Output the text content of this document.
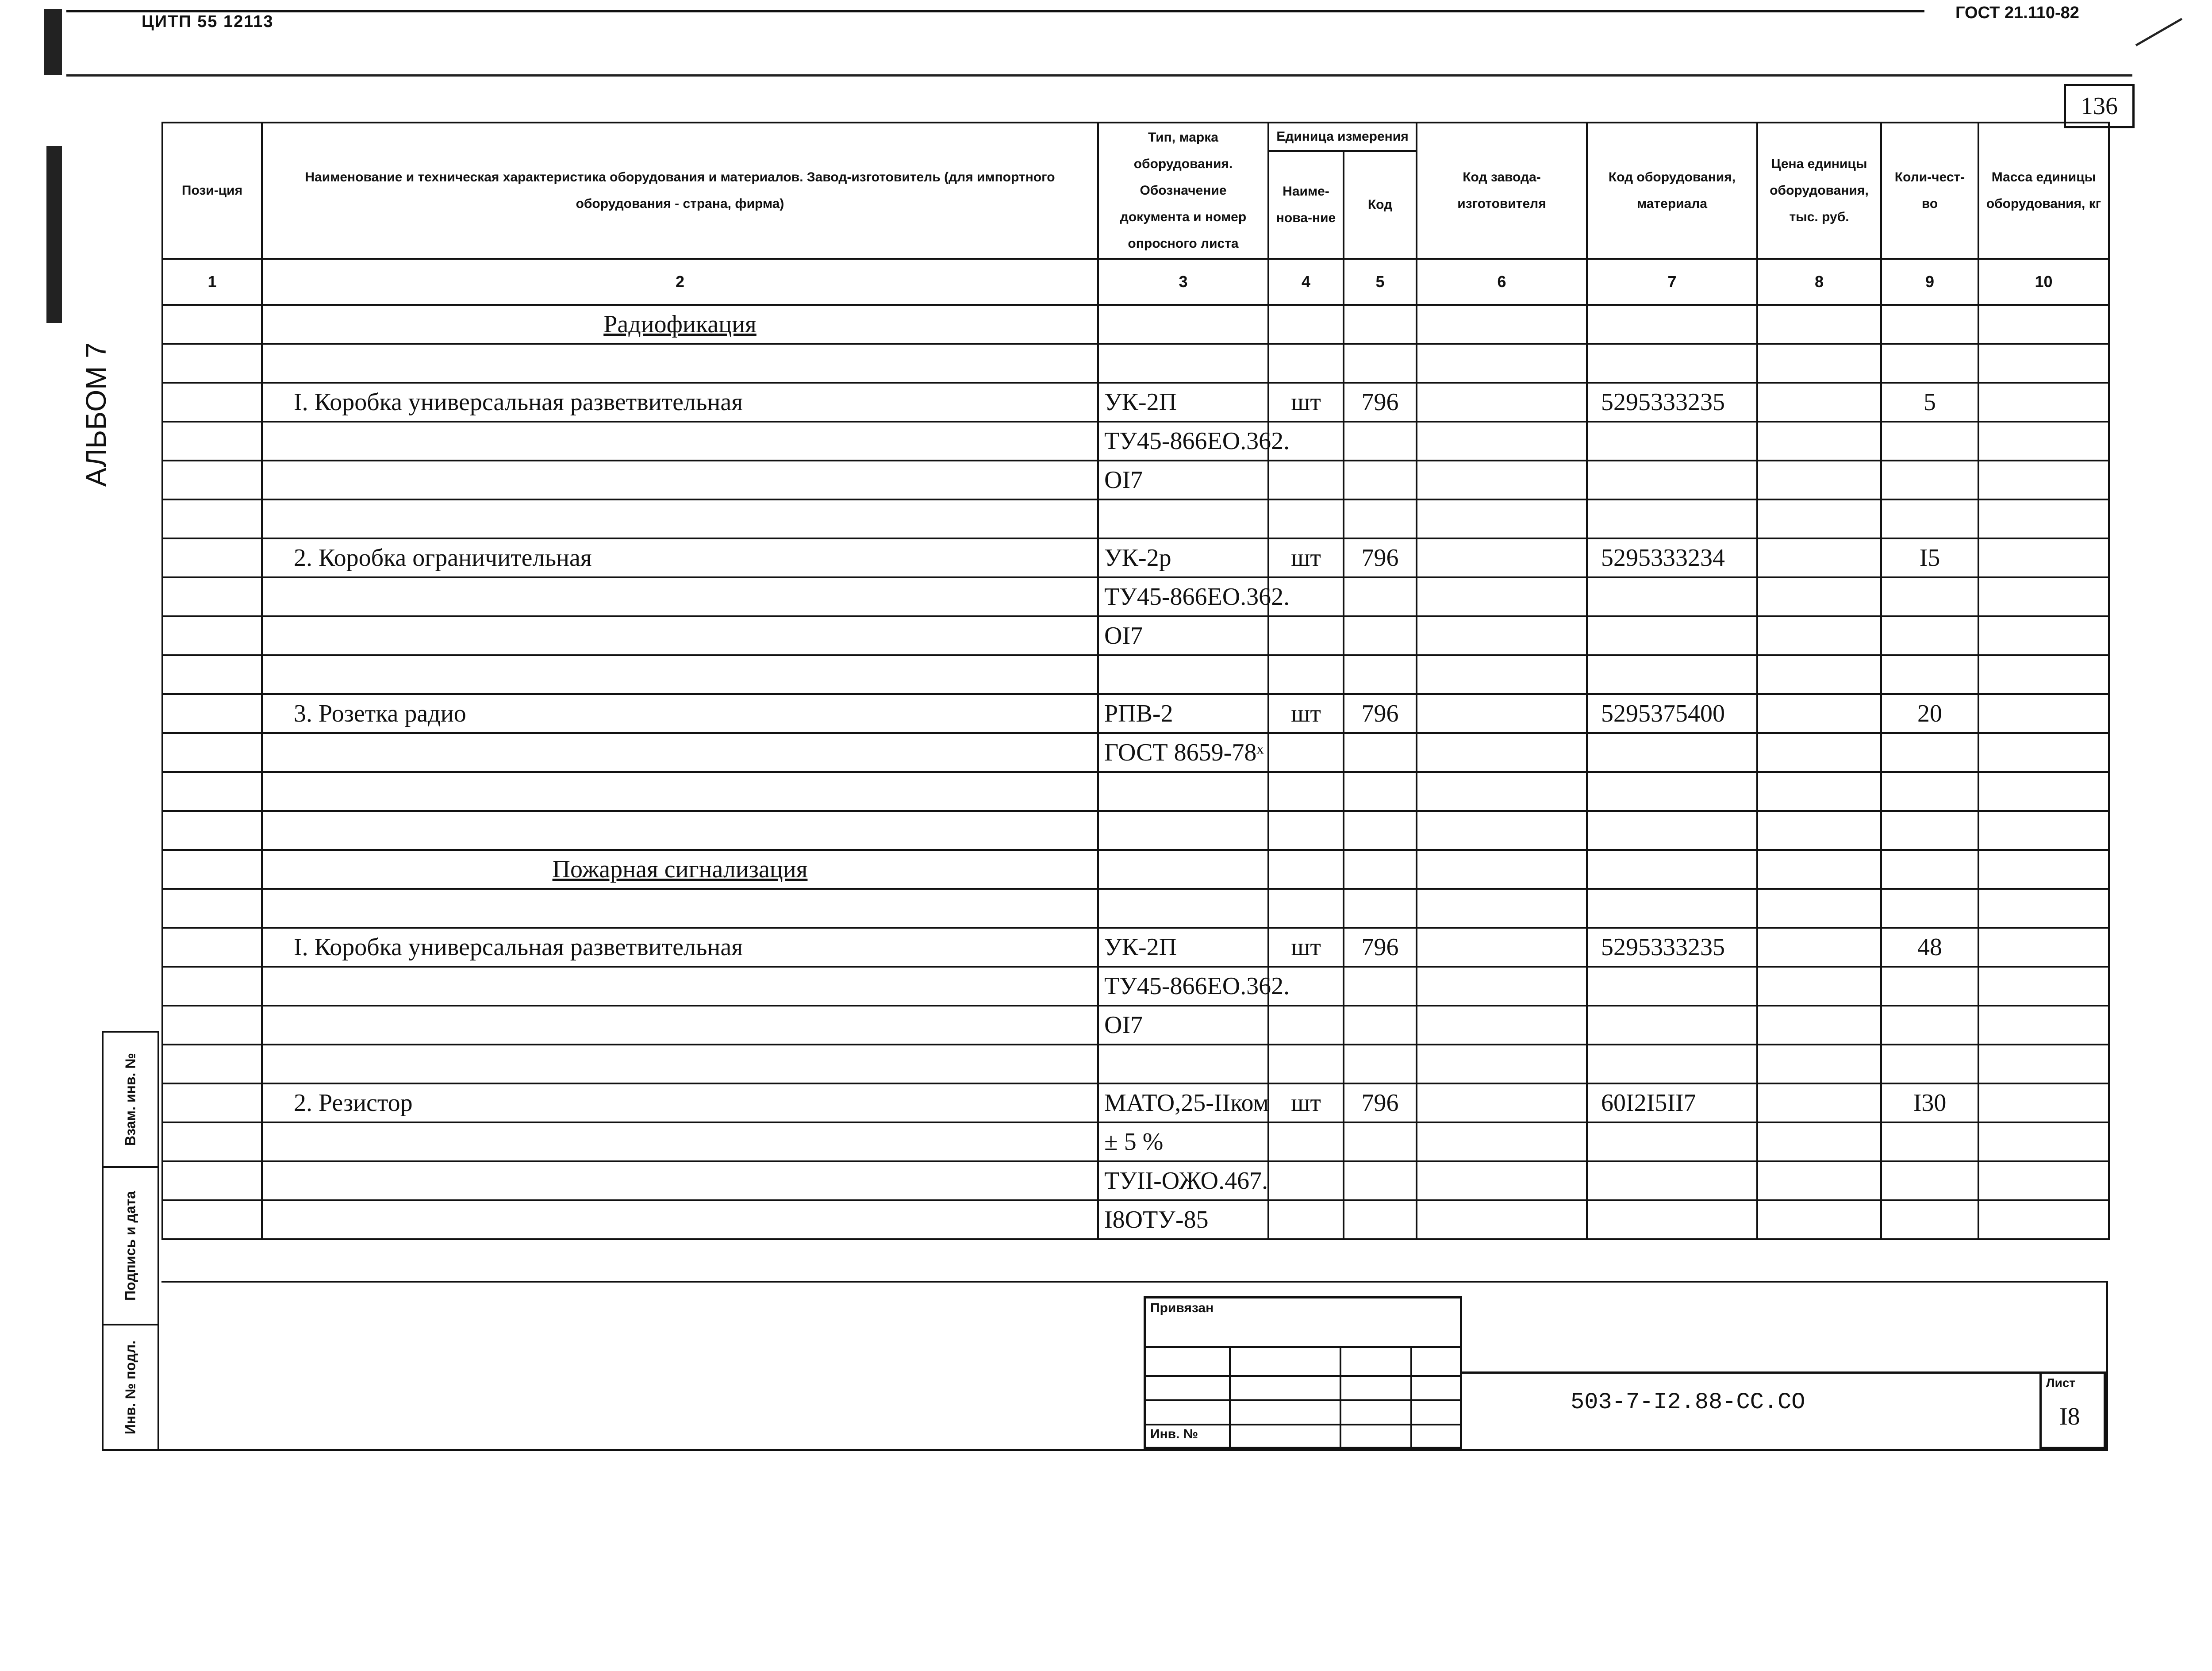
ЦИТП 55 12113	ГОСТ 21.110-82
136
АЛЬБОМ 7
Пози-ция	Наименование и техническая характеристика оборудования и материалов. Завод-изготовитель (для импортного оборудования - страна, фирма)	Тип, марка оборудования. Обозначение документа и номер опросного листа	Единица измерения		Код завода-изготовителя	Код оборудования, материала	Цена единицы оборудования, тыс. руб.	Коли-чест-во	Масса единицы оборудования, кг
			Наиме-нова-ние	Код					
1	2	3	4	5	6	7	8	9	10
	Радиофикация								

	I. Коробка универсальная разветвительная	УК-2П	шт	796		5295333235		5	
		ТУ45-866ЕО.362.							
		ОI7							

	2. Коробка ограничительная	УК-2р	шт	796		5295333234		I5	
		ТУ45-866ЕО.362.							
		ОI7							

	3. Розетка радио	РПВ-2	шт	796		5295375400		20	
		ГОСТ 8659-78ˣ							

	Пожарная сигнализация								

	I. Коробка универсальная разветвительная	УК-2П	шт	796		5295333235		48	
		ТУ45-866ЕО.362.							
		ОI7							

	2. Резистор	МАТО,25-IIком	шт	796		60I2I5II7		I30	
		± 5 %							
		ТУII-ОЖО.467.							
		I8ОТУ-85							
Взам. инв. №
Подпись и дата
Инв. № подл.
Привязан
Инв. №
503-7-I2.88-СС.СО
Лист
I8
